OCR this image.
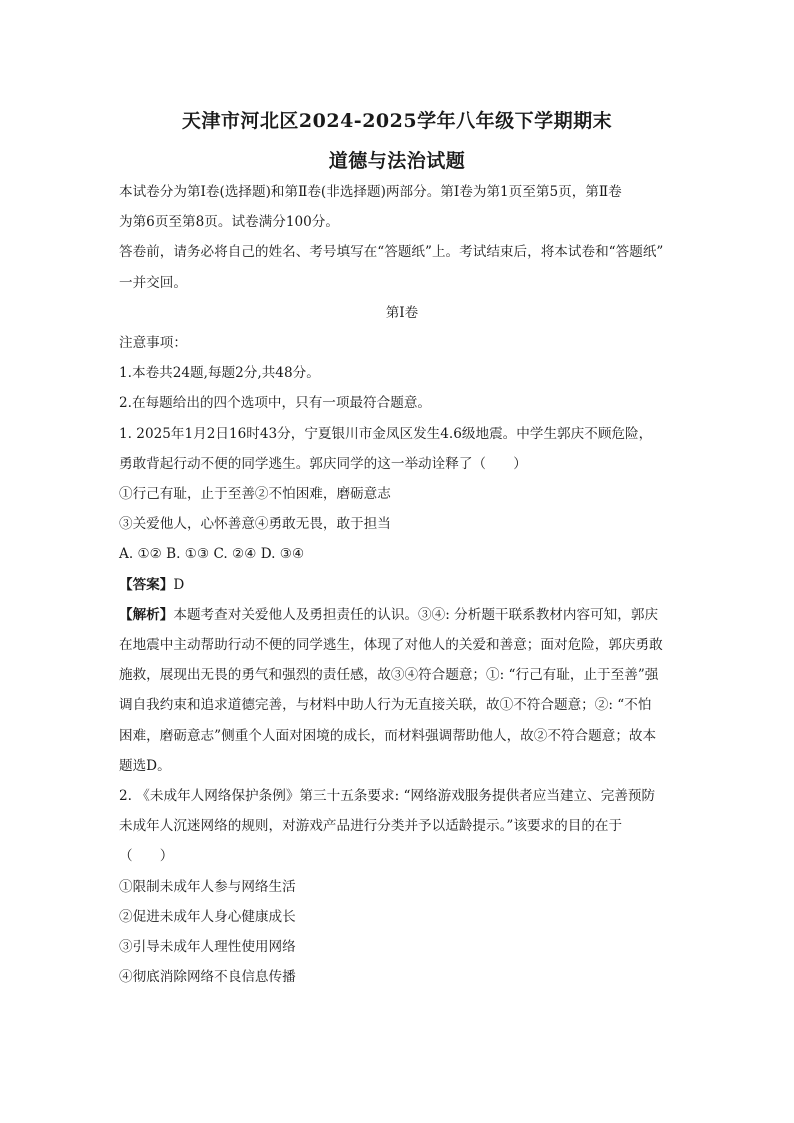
天津市河北区2024-2025学年八年级下学期期末
道德与法治试题

本试卷分为第Ⅰ卷(选择题)和第Ⅱ卷(非选择题)两部分。第Ⅰ卷为第1页至第5页，第Ⅱ卷

为第6页至第8页。试卷满分100分。

答卷前，请务必将自己的姓名、考号填写在“答题纸”上。考试结束后，将本试卷和“答题纸”

一并交回。

第Ⅰ卷

注意事项：

1.本卷共24题,每题2分,共48分。

2.在每题给出的四个选项中，只有一项最符合题意。

1. 2025年1月2日16时43分，宁夏银川市金凤区发生4.6级地震。中学生郭庆不顾危险，

勇敢背起行动不便的同学逃生。郭庆同学的这一举动诠释了（　　）

①行己有耻，止于至善②不怕困难，磨砺意志

③关爱他人，心怀善意④勇敢无畏，敢于担当

A. ①② B. ①③ C. ②④ D. ③④

【答案】D

【解析】本题考查对关爱他人及勇担责任的认识。③④: 分析题干联系教材内容可知，郭庆

在地震中主动帮助行动不便的同学逃生，体现了对他人的关爱和善意；面对危险，郭庆勇敢

施救，展现出无畏的勇气和强烈的责任感，故③④符合题意；①: “行己有耻，止于至善”强

调自我约束和追求道德完善，与材料中助人行为无直接关联，故①不符合题意；②: “不怕

困难，磨砺意志”侧重个人面对困境的成长，而材料强调帮助他人，故②不符合题意；故本

题选D。

2. 《未成年人网络保护条例》第三十五条要求: “网络游戏服务提供者应当建立、完善预防

未成年人沉迷网络的规则，对游戏产品进行分类并予以适龄提示。”该要求的目的在于

（　　）

①限制未成年人参与网络生活

②促进未成年人身心健康成长

③引导未成年人理性使用网络

④彻底消除网络不良信息传播
